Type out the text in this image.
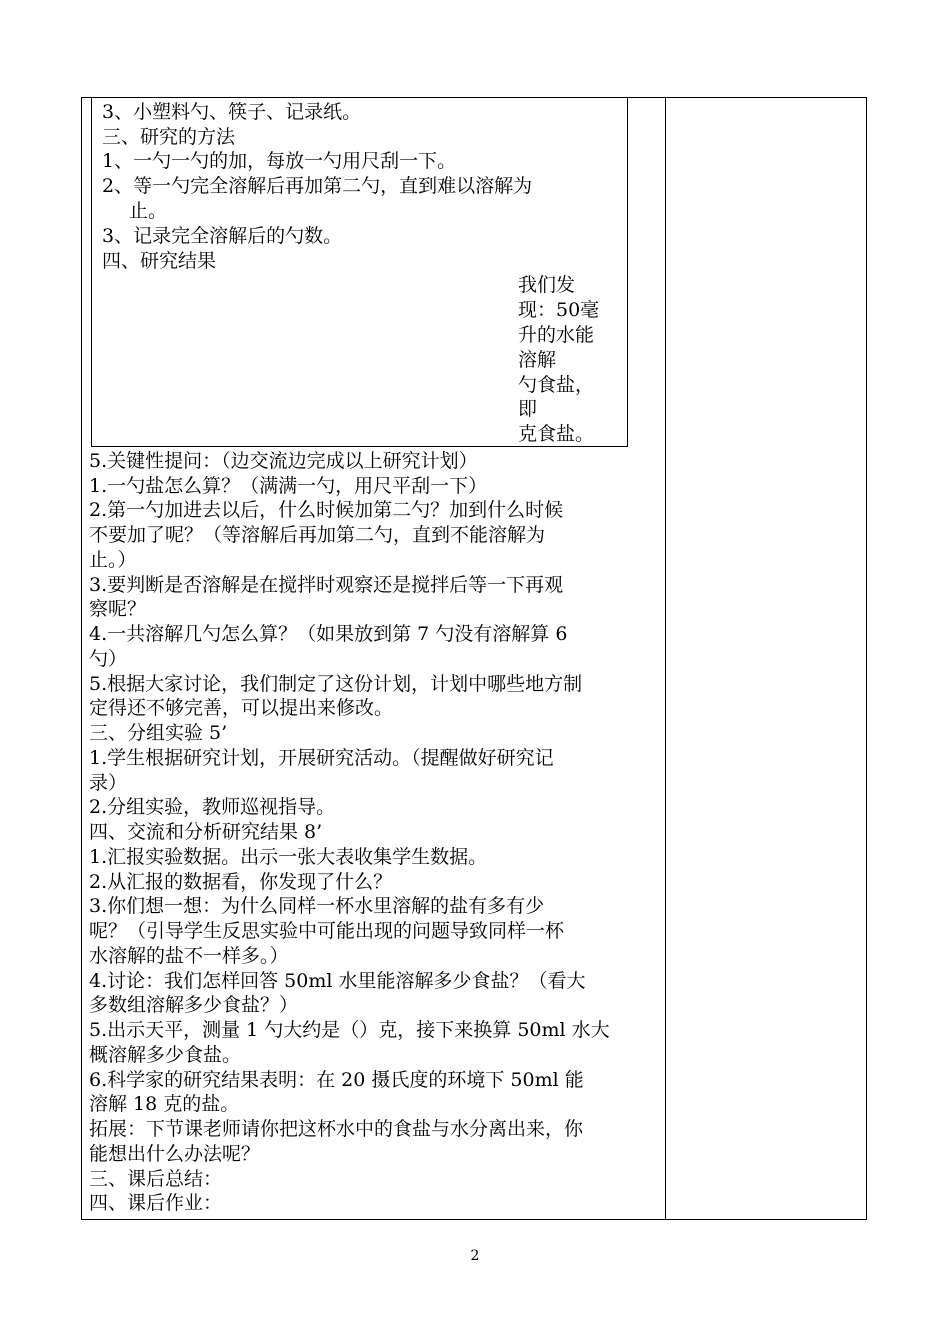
3、小塑料勺、筷子、记录纸。
三、研究的方法
1、一勺一勺的加，每放一勺用尺刮一下。
2、等一勺完全溶解后再加第二勺，直到难以溶解为
止。
3、记录完全溶解后的勺数。
四、研究结果
我们发
现：50毫
升的水能
溶解
勺食盐，
即
克食盐。
5.关键性提问：（边交流边完成以上研究计划）
1.一勺盐怎么算？（满满一勺，用尺平刮一下）
2.第一勺加进去以后，什么时候加第二勺？加到什么时候
不要加了呢？（等溶解后再加第二勺，直到不能溶解为
止。）
3.要判断是否溶解是在搅拌时观察还是搅拌后等一下再观
察呢？
4.一共溶解几勺怎么算？（如果放到第 7 勺没有溶解算 6
勺）
5.根据大家讨论，我们制定了这份计划，计划中哪些地方制
定得还不够完善，可以提出来修改。
三、分组实验 5’
1.学生根据研究计划，开展研究活动。（提醒做好研究记
录）
2.分组实验，教师巡视指导。
四、交流和分析研究结果 8’
1.汇报实验数据。出示一张大表收集学生数据。
2.从汇报的数据看，你发现了什么？
3.你们想一想：为什么同样一杯水里溶解的盐有多有少
呢？（引导学生反思实验中可能出现的问题导致同样一杯
水溶解的盐不一样多。）
4.讨论：我们怎样回答 50ml 水里能溶解多少食盐？（看大
多数组溶解多少食盐？）
5.出示天平，测量 1 勺大约是（）克，接下来换算 50ml 水大
概溶解多少食盐。
6.科学家的研究结果表明：在 20 摄氏度的环境下 50ml 能
溶解 18 克的盐。
拓展：下节课老师请你把这杯水中的食盐与水分离出来，你
能想出什么办法呢？
三、课后总结：
四、课后作业：
2
